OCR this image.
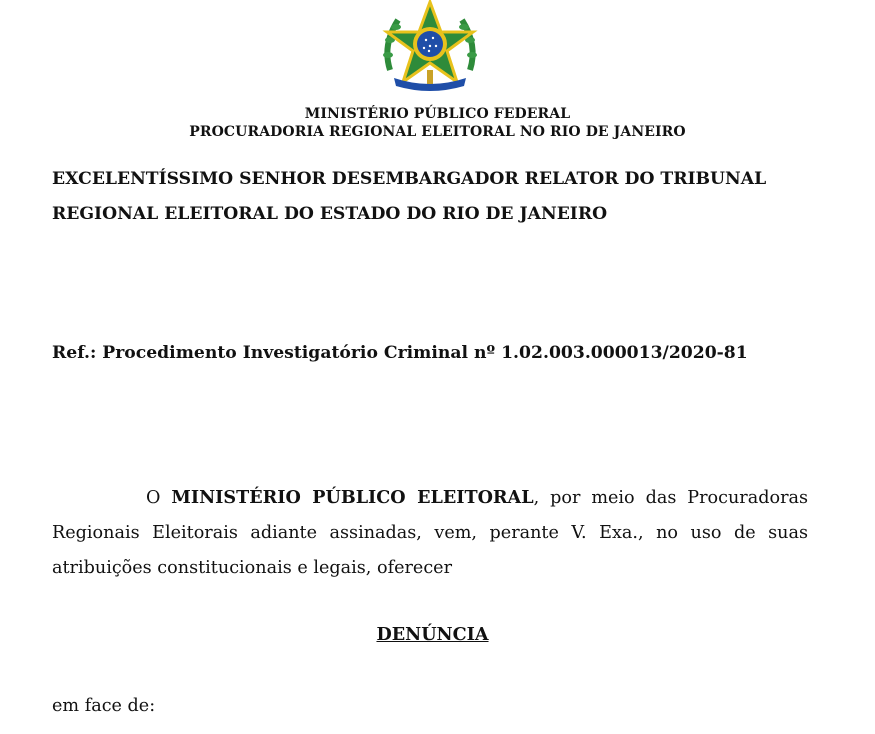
MINISTÉRIO PÚBLICO FEDERAL
PROCURADORIA REGIONAL ELEITORAL NO RIO DE JANEIRO
EXCELENTÍSSIMO SENHOR DESEMBARGADOR RELATOR DO TRIBUNAL REGIONAL ELEITORAL DO ESTADO DO RIO DE JANEIRO
Ref.: Procedimento Investigatório Criminal nº 1.02.003.000013/2020-81
O MINISTÉRIO PÚBLICO ELEITORAL, por meio das Procuradoras Regionais Eleitorais adiante assinadas, vem, perante V. Exa., no uso de suas atribuições constitucionais e legais, oferecer
DENÚNCIA
em face de:
